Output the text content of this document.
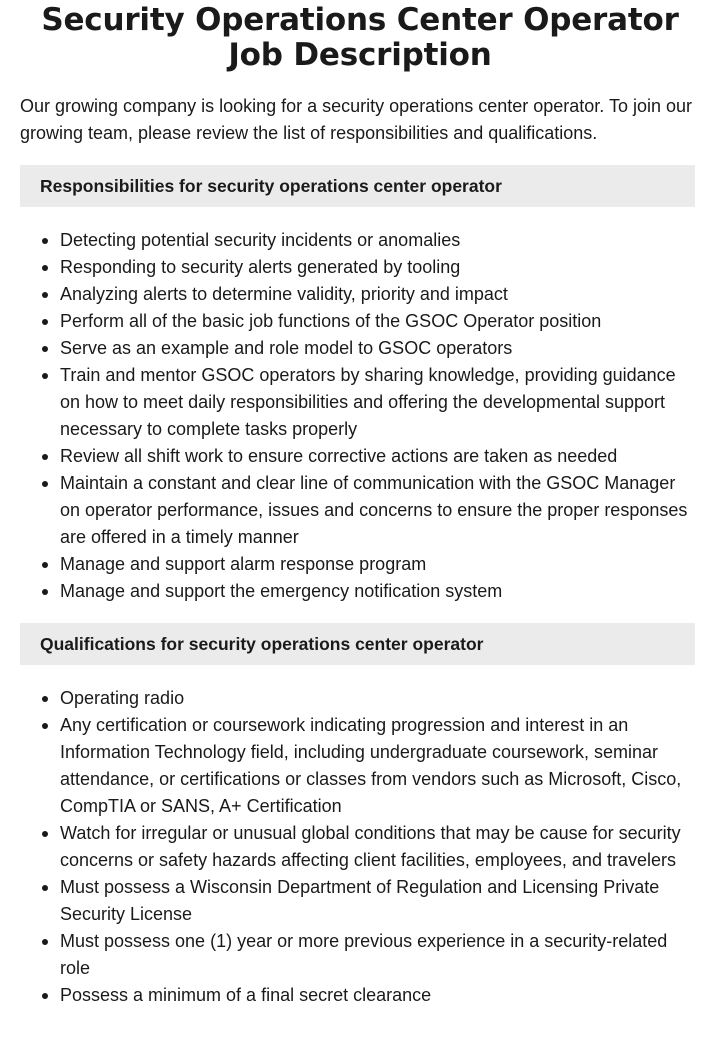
Security Operations Center Operator Job Description

Our growing company is looking for a security operations center operator. To join our growing team, please review the list of responsibilities and qualifications.

Responsibilities for security operations center operator
Detecting potential security incidents or anomalies
Responding to security alerts generated by tooling
Analyzing alerts to determine validity, priority and impact
Perform all of the basic job functions of the GSOC Operator position
Serve as an example and role model to GSOC operators
Train and mentor GSOC operators by sharing knowledge, providing guidance on how to meet daily responsibilities and offering the developmental support necessary to complete tasks properly
Review all shift work to ensure corrective actions are taken as needed
Maintain a constant and clear line of communication with the GSOC Manager on operator performance, issues and concerns to ensure the proper responses are offered in a timely manner
Manage and support alarm response program
Manage and support the emergency notification system
Qualifications for security operations center operator
Operating radio
Any certification or coursework indicating progression and interest in an Information Technology field, including undergraduate coursework, seminar attendance, or certifications or classes from vendors such as Microsoft, Cisco, CompTIA or SANS, A+ Certification
Watch for irregular or unusual global conditions that may be cause for security concerns or safety hazards affecting client facilities, employees, and travelers
Must possess a Wisconsin Department of Regulation and Licensing Private Security License
Must possess one (1) year or more previous experience in a security-related role
Possess a minimum of a final secret clearance
